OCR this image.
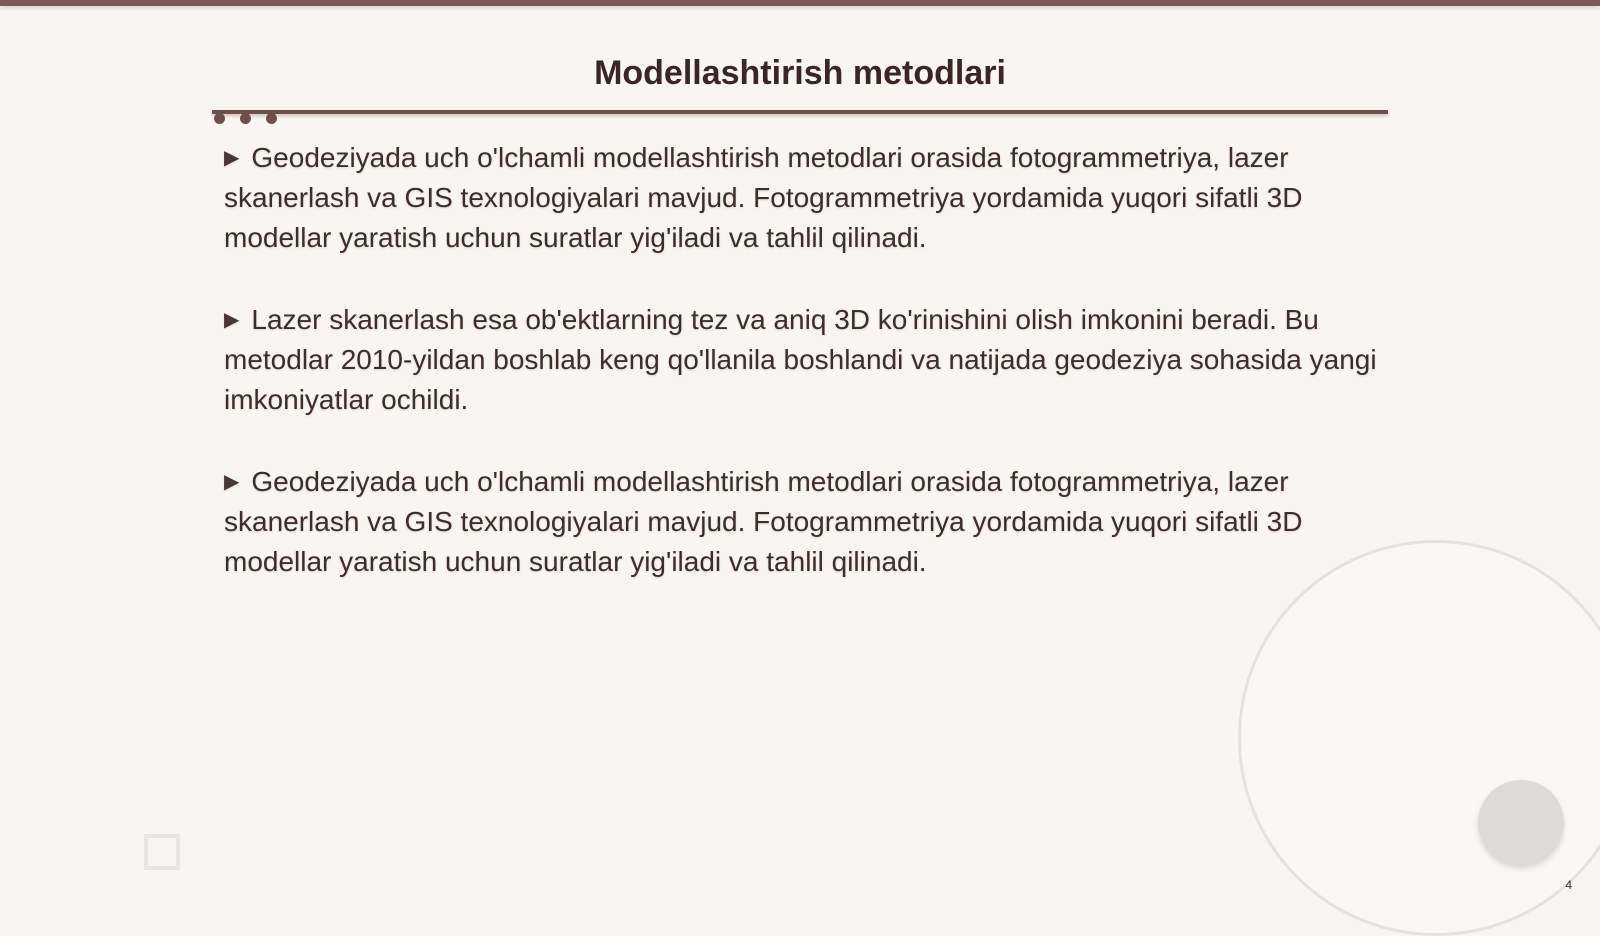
Modellashtirish metodlari

▶ Geodeziyada uch o'lchamli modellashtirish metodlari orasida fotogrammetriya, lazer skanerlash va GIS texnologiyalari mavjud. Fotogrammetriya yordamida yuqori sifatli 3D modellar yaratish uchun suratlar yig'iladi va tahlil qilinadi.

▶ Lazer skanerlash esa ob'ektlarning tez va aniq 3D ko'rinishini olish imkonini beradi. Bu metodlar 2010-yildan boshlab keng qo'llanila boshlandi va natijada geodeziya sohasida yangi imkoniyatlar ochildi.

▶ Geodeziyada uch o'lchamli modellashtirish metodlari orasida fotogrammetriya, lazer skanerlash va GIS texnologiyalari mavjud. Fotogrammetriya yordamida yuqori sifatli 3D modellar yaratish uchun suratlar yig'iladi va tahlil qilinadi.

4
